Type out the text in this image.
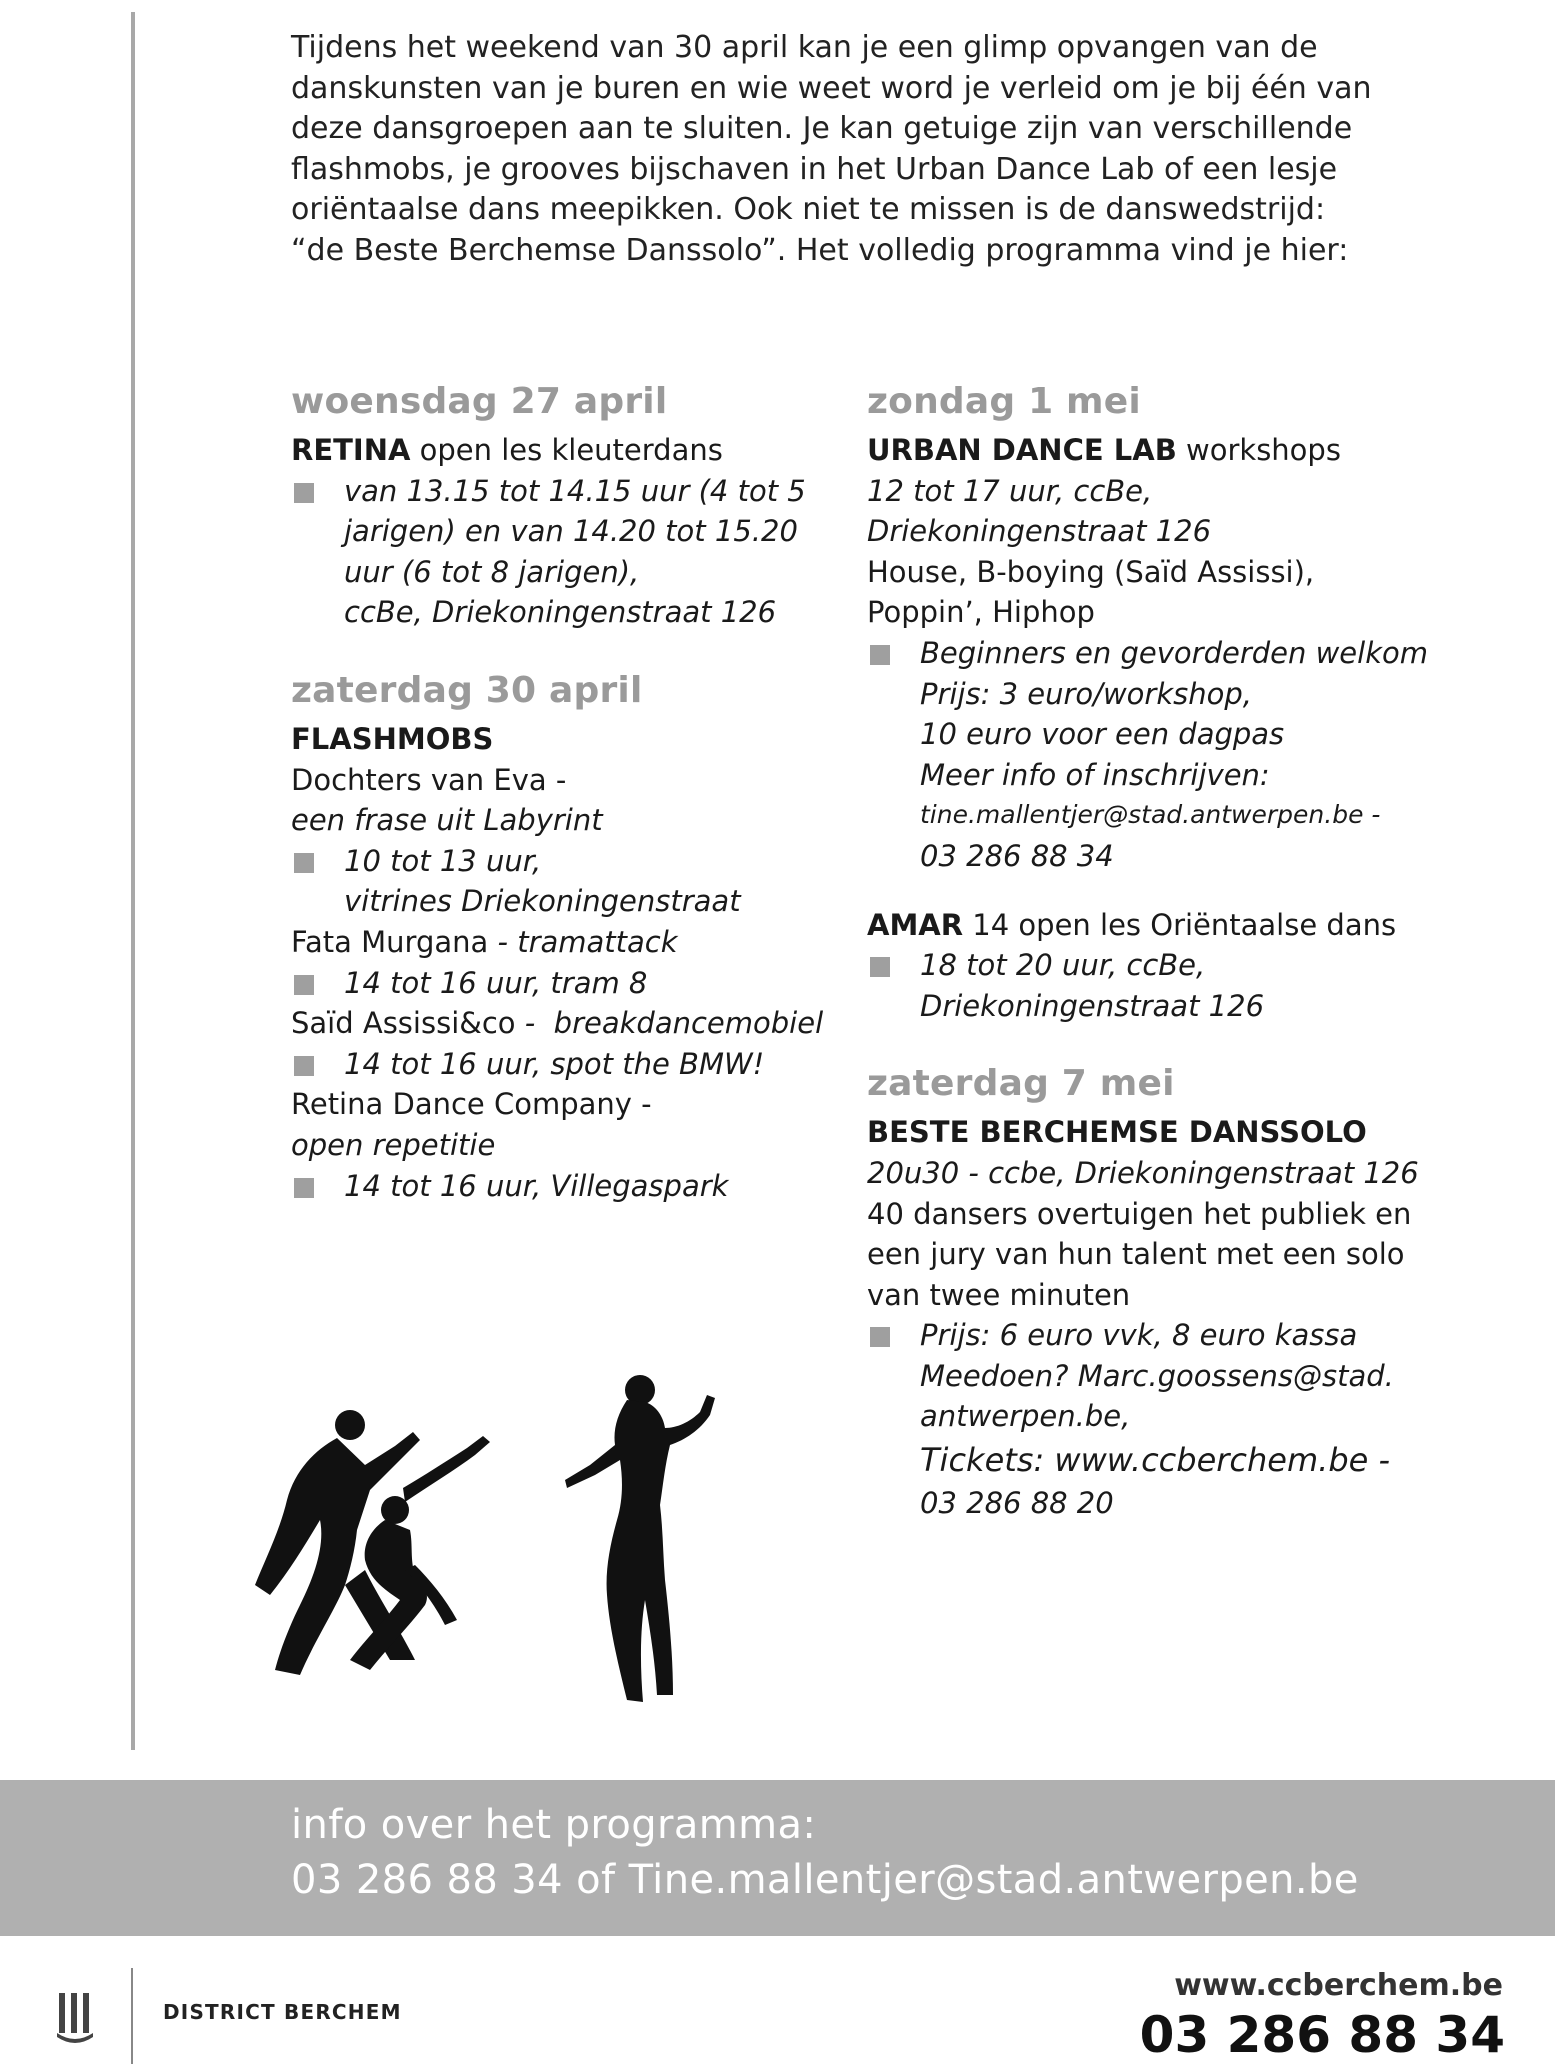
Tijdens het weekend van 30 april kan je een glimp opvangen van de

danskunsten van je buren en wie weet word je verleid om je bij één van

deze dansgroepen aan te sluiten. Je kan getuige zijn van verschillende

flashmobs, je grooves bijschaven in het Urban Dance Lab of een lesje

oriëntaalse dans meepikken. Ook niet te missen is de danswedstrijd:

“de Beste Berchemse Danssolo”. Het volledig programma vind je hier:

woensdag 27 april
RETINA open les kleuterdans
van 13.15 tot 14.15 uur (4 tot 5
jarigen) en van 14.20 tot 15.20
uur (6 tot 8 jarigen),
ccBe, Driekoningenstraat 126
zaterdag 30 april
FLASHMOBS
Dochters van Eva -
een frase uit Labyrint
10 tot 13 uur,
vitrines Driekoningenstraat
Fata Murgana - tramattack
14 tot 16 uur, tram 8
Saïd Assissi&co -  breakdancemobiel
14 tot 16 uur, spot the BMW!
Retina Dance Company -
open repetitie
14 tot 16 uur, Villegaspark
zondag 1 mei
URBAN DANCE LAB workshops
12 tot 17 uur, ccBe,
Driekoningenstraat 126
House, B-boying (Saïd Assissi),
Poppin’, Hiphop
Beginners en gevorderden welkom
Prijs: 3 euro/workshop,
10 euro voor een dagpas
Meer info of inschrijven:
tine.mallentjer@stad.antwerpen.be -
03 286 88 34
AMAR 14 open les Oriëntaalse dans
18 tot 20 uur, ccBe,
Driekoningenstraat 126
zaterdag 7 mei
BESTE BERCHEMSE DANSSOLO
20u30 - ccbe, Driekoningenstraat 126
40 dansers overtuigen het publiek en
een jury van hun talent met een solo
van twee minuten
Prijs: 6 euro vvk, 8 euro kassa
Meedoen? Marc.goossens@stad.
antwerpen.be,
Tickets: www.ccberchem.be -
03 286 88 20
info over het programma:
03 286 88 34 of Tine.mallentjer@stad.antwerpen.be
DISTRICT BERCHEM
www.ccberchem.be
03 286 88 34
